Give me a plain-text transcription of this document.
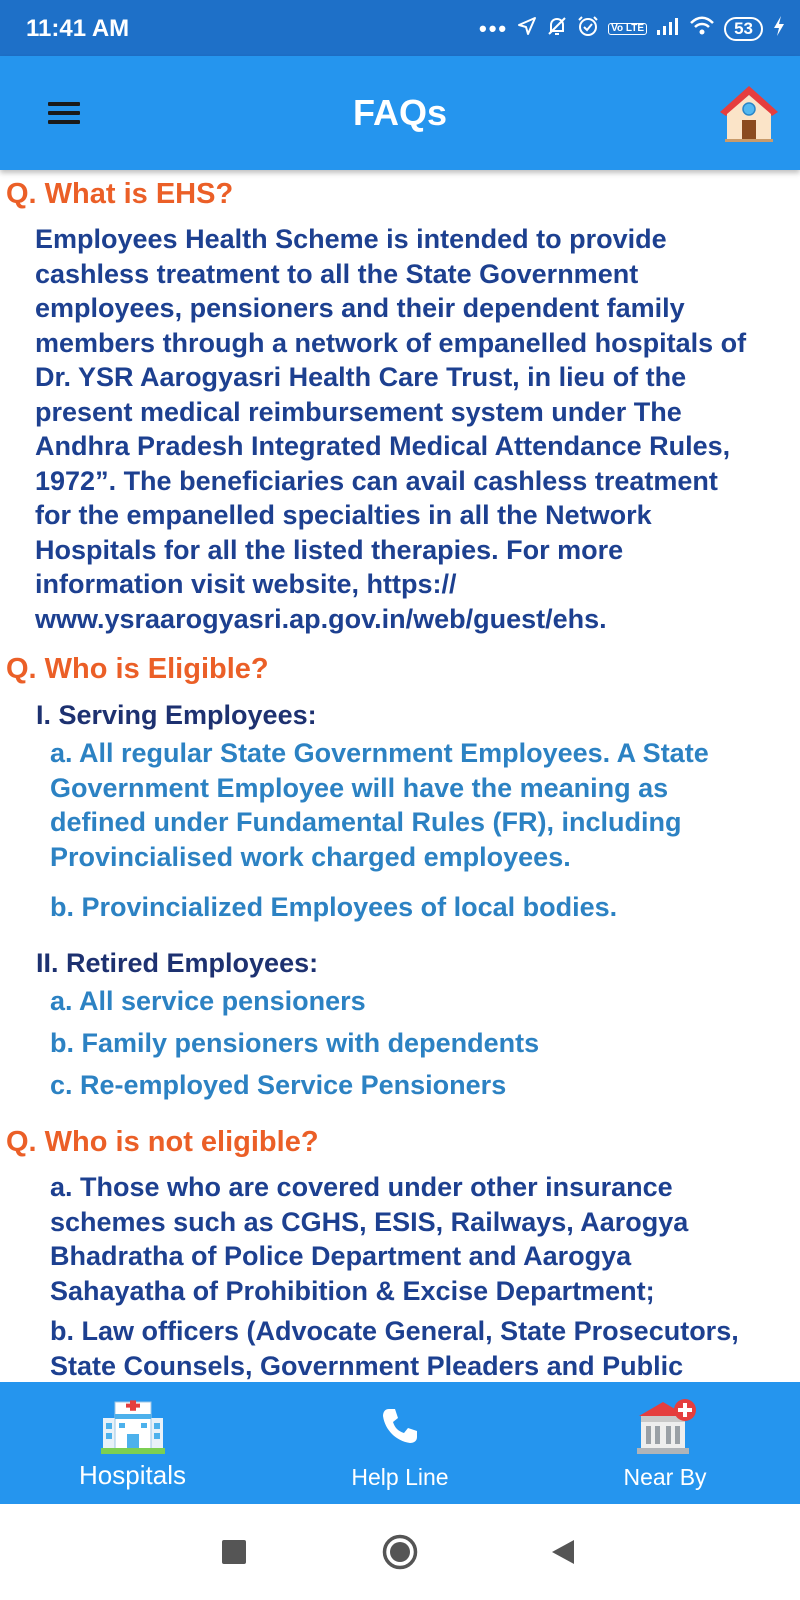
11:41 AM	•••	Vo LTE	53
FAQs
Q. What is EHS?
Employees Health Scheme is intended to provide
cashless treatment to all the State Government
employees, pensioners and their dependent family
members through a network of empanelled hospitals of
Dr. YSR Aarogyasri Health Care Trust, in lieu of the
present medical reimbursement system under The
Andhra Pradesh Integrated Medical Attendance Rules,
1972”. The beneficiaries can avail cashless treatment
for the empanelled specialties in all the Network
Hospitals for all the listed therapies. For more
information visit website, https://
www.ysraarogyasri.ap.gov.in/web/guest/ehs.
Q. Who is Eligible?
I. Serving Employees:
a. All regular State Government Employees. A State
Government Employee will have the meaning as
defined under Fundamental Rules (FR), including
Provincialised work charged employees.
b. Provincialized Employees of local bodies.
II. Retired Employees:
a. All service pensioners
b. Family pensioners with dependents
c. Re-employed Service Pensioners
Q. Who is not eligible?
a. Those who are covered under other insurance
schemes such as CGHS, ESIS, Railways, Aarogya
Bhadratha of Police Department and Aarogya
Sahayatha of Prohibition & Excise Department;
b. Law officers (Advocate General, State Prosecutors,
State Counsels, Government Pleaders and Public
Hospitals	Help Line	Near By
